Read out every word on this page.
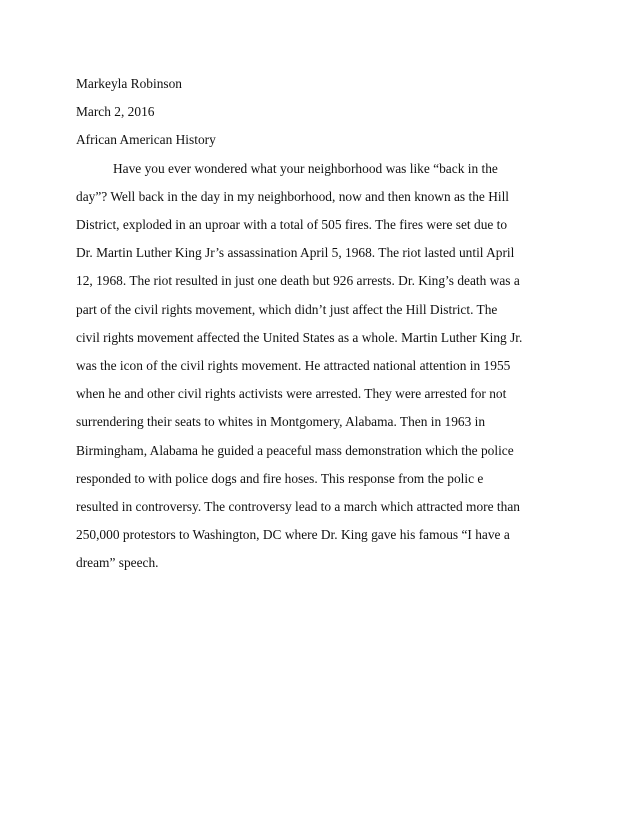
Markeyla Robinson

March 2, 2016

African American History

Have you ever wondered what your neighborhood was like “back in the

day”? Well back in the day in my neighborhood, now and then known as the Hill

District, exploded in an uproar with a total of 505 fires. The fires were set due to

Dr. Martin Luther King Jr’s assassination April 5, 1968. The riot lasted until April

12, 1968. The riot resulted in just one death but 926 arrests. Dr. King’s death was a

part of the civil rights movement, which didn’t just affect the Hill District. The

civil rights movement affected the United States as a whole. Martin Luther King Jr.

was the icon of the civil rights movement. He attracted national attention in 1955

when he and other civil rights activists were arrested. They were arrested for not

surrendering their seats to whites in Montgomery, Alabama. Then in 1963 in

Birmingham, Alabama he guided a peaceful mass demonstration which the police

responded to with police dogs and fire hoses. This response from the polic e

resulted in controversy. The controversy lead to a march which attracted more than

250,000 protestors to Washington, DC where Dr. King gave his famous “I have a

dream” speech.
